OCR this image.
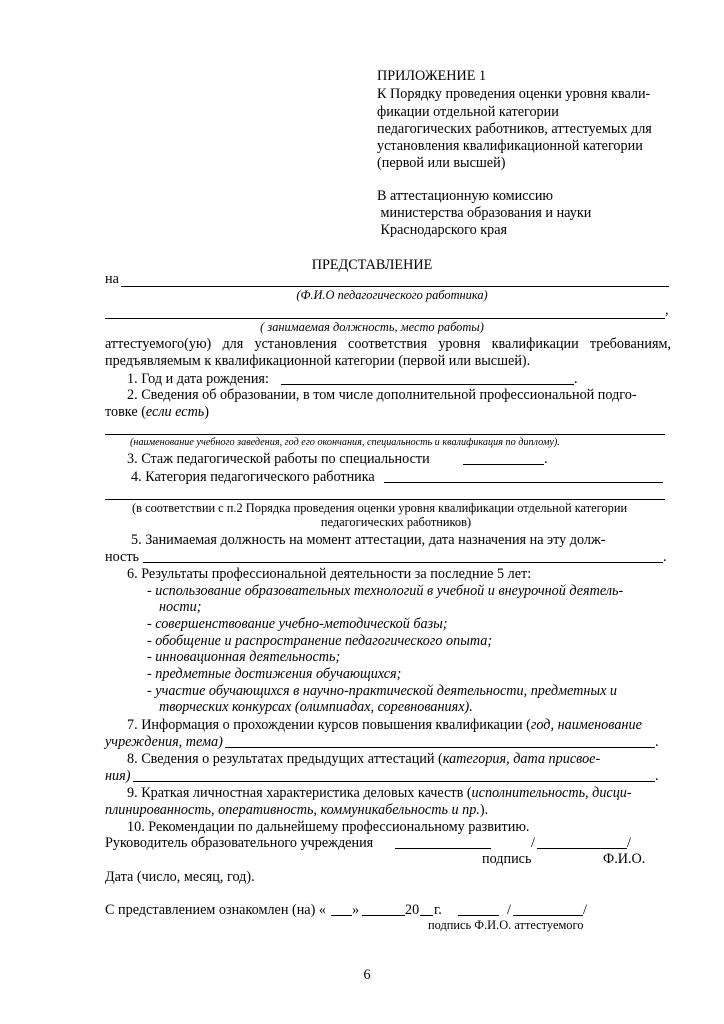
ПРИЛОЖЕНИЕ 1
К Порядку проведения оценки уровня квали-
фикации отдельной категории
педагогических работников, аттестуемых для
установления квалификационной категории
(первой или высшей)
В аттестационную комиссию
министерства образования и науки
Краснодарского края
ПРЕДСТАВЛЕНИЕ
на
(Ф.И.О педагогического работника)
,
( занимаемая должность, место работы)
аттестуемого(ую) для установления соответствия уровня квалификации требованиям,
предъявляемым к квалификационной категории (первой или высшей).
1. Год и дата рождения:	.
2. Сведения об образовании, в том числе дополнительной профессиональной подго-
товке (если есть)
(наименование учебного заведения, год его окончания, специальность и квалификация по диплому).
3. Стаж педагогической работы по специальности	.
4. Категория педагогического работника
(в соответствии с п.2 Порядка проведения оценки уровня квалификации отдельной категории
педагогических работников)
5. Занимаемая должность на момент аттестации, дата назначения на эту долж-
ность	.
6. Результаты профессиональной деятельности за последние 5 лет:
- использование образовательных технологий в учебной и внеурочной деятель-
ности;
- совершенствование учебно-методической базы;
- обобщение и распространение педагогического опыта;
- инновационная деятельность;
- предметные достижения обучающихся;
- участие обучающихся в научно-практической деятельности, предметных и
творческих конкурсах (олимпиадах, соревнованиях).
7. Информация о прохождении курсов повышения квалификации (год, наименование
учреждения, тема)	.
8. Сведения о результатах предыдущих аттестаций (категория, дата присвое-
ния)	.
9. Краткая личностная характеристика деловых качеств (исполнительность, дисци-
плинированность, оперативность, коммуникабельность и пр.).
10. Рекомендации по дальнейшему профессиональному развитию.
Руководитель образовательного учреждения	/	/
подпись	Ф.И.О.
Дата (число, месяц, год).
С представлением ознакомлен (на) « »	20 г.	/	/
подпись Ф.И.О. аттестуемого
6
